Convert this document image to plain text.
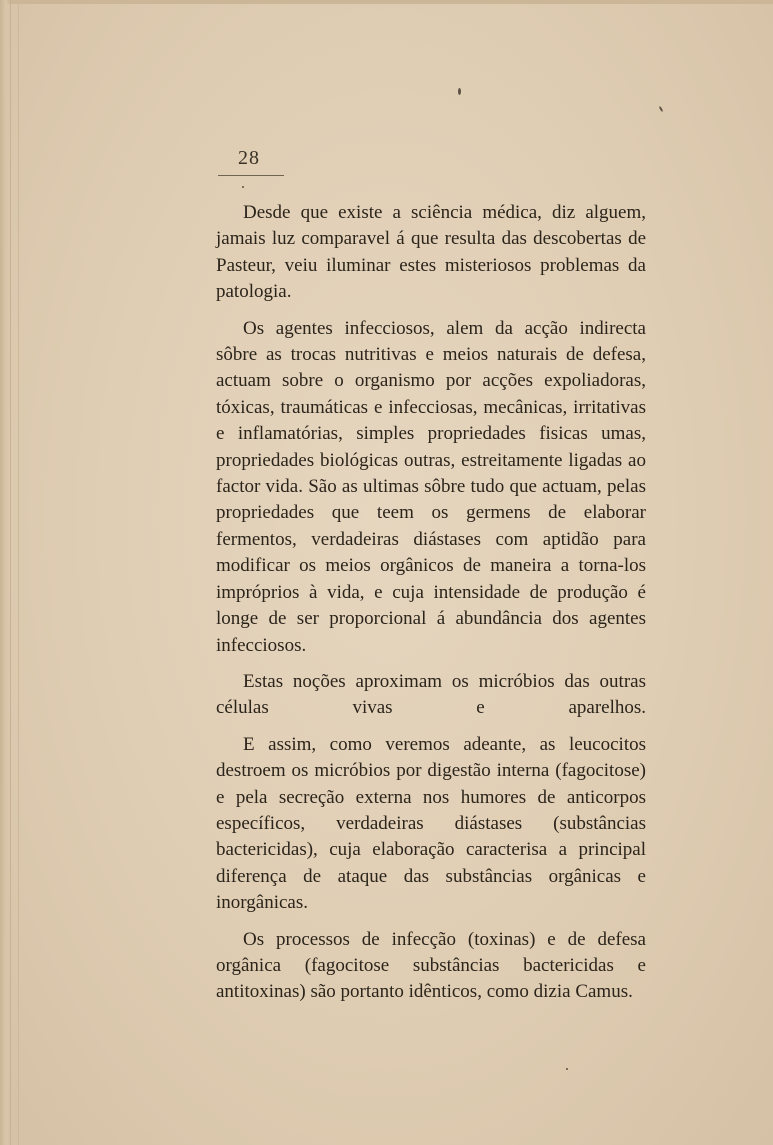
28

Desde que existe a sciência médica, diz alguem, jamais luz comparavel á que resulta das descobertas de Pasteur, veiu iluminar estes misteriosos problemas da patologia.

Os agentes infecciosos, alem da acção indirecta sôbre as trocas nutritivas e meios naturais de defesa, actuam sobre o organismo por acções expoliadoras, tóxicas, traumáticas e infecciosas, mecânicas, irritativas e inflamatórias, simples propriedades fisicas umas, propriedades biológicas outras, estreitamente ligadas ao factor vida. São as ultimas sôbre tudo que actuam, pelas propriedades que teem os germens de elaborar fermentos, verdadeiras diástases com aptidão para modificar os meios orgânicos de maneira a torna-los impróprios à vida, e cuja intensidade de produção é longe de ser proporcional á abundância dos agentes infecciosos.

Estas noções aproximam os micróbios das outras células vivas e aparelhos.

E assim, como veremos adeante, as leucocitos destroem os micróbios por digestão interna (fagocitose) e pela secreção externa nos humores de anticorpos específicos, verdadeiras diástases (substâncias bactericidas), cuja elaboração caracterisa a principal diferença de ataque das substâncias orgânicas e inorgânicas.

Os processos de infecção (toxinas) e de defesa orgânica (fagocitose substâncias bactericidas e antitoxinas) são portanto idênticos, como dizia Camus.
